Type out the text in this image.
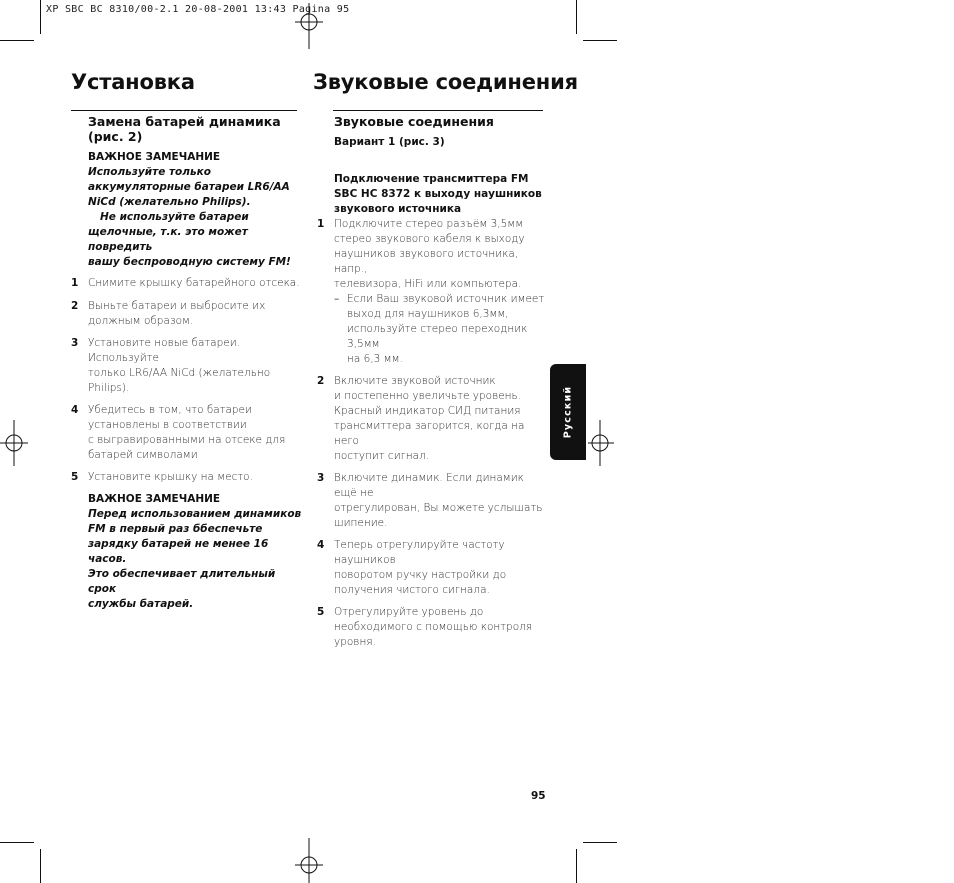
XP SBC BC 8310/00-2.1 20-08-2001 13:43 Pagina 95
Установка	Звуковые соединения
Замена батарей динамика (рис. 2)
ВАЖНОЕ ЗАМЕЧАНИЕ
Используйте только
аккумуляторные батареи LR6/AA
NiCd (желательно Philips).
Не используйте батареи
щелочные, т.к. это может повредить
вашу беспроводную систему FM!
1 Снимите крышку батарейного отсека.
2 Выньте батареи и выбросите их
должным образом.
3 Установите новые батареи. Используйте
только LR6/AA NiCd (желательно Philips).
4 Убедитесь в том, что батареи
установлены в соответствии
с выгравированными на отсеке для
батарей символами
5 Установите крышку на место.
ВАЖНОЕ ЗАМЕЧАНИЕ
Перед использованием динамиков
FM в первый раз ббеспечьте
зарядку батарей не менее 16 часов.
Это обеспечивает длительный срок
службы батарей.
Звуковые соединения
Вариант 1 (рис. 3)
Подключение трансмиттера FM
SBC HC 8372 к выходу наушников
звукового источника
1 Подключите стерео разъём 3,5мм
стерео звукового кабеля к выходу
наушников звукового источника, напр.,
телевизора, HiFi или компьютера.
– Если Ваш звуковой источник имеет
выход для наушников 6,3мм,
используйте стерео переходник 3,5мм
на 6,3 мм.
2 Включите звуковой источник
и постепенно увеличьте уровень.
Красный индикатор СИД питания
трансмиттера загорится, когда на него
поступит сигнал.
3 Включите динамик. Если динамик ещё не
отрегулирован, Вы можете услышать
шипение.
4 Теперь отрегулируйте частоту наушников
поворотом ручку настройки до
получения чистого сигнала.
5 Отрегулируйте уровень до
необходимого с помощью контроля
уровня.
Русский
95
